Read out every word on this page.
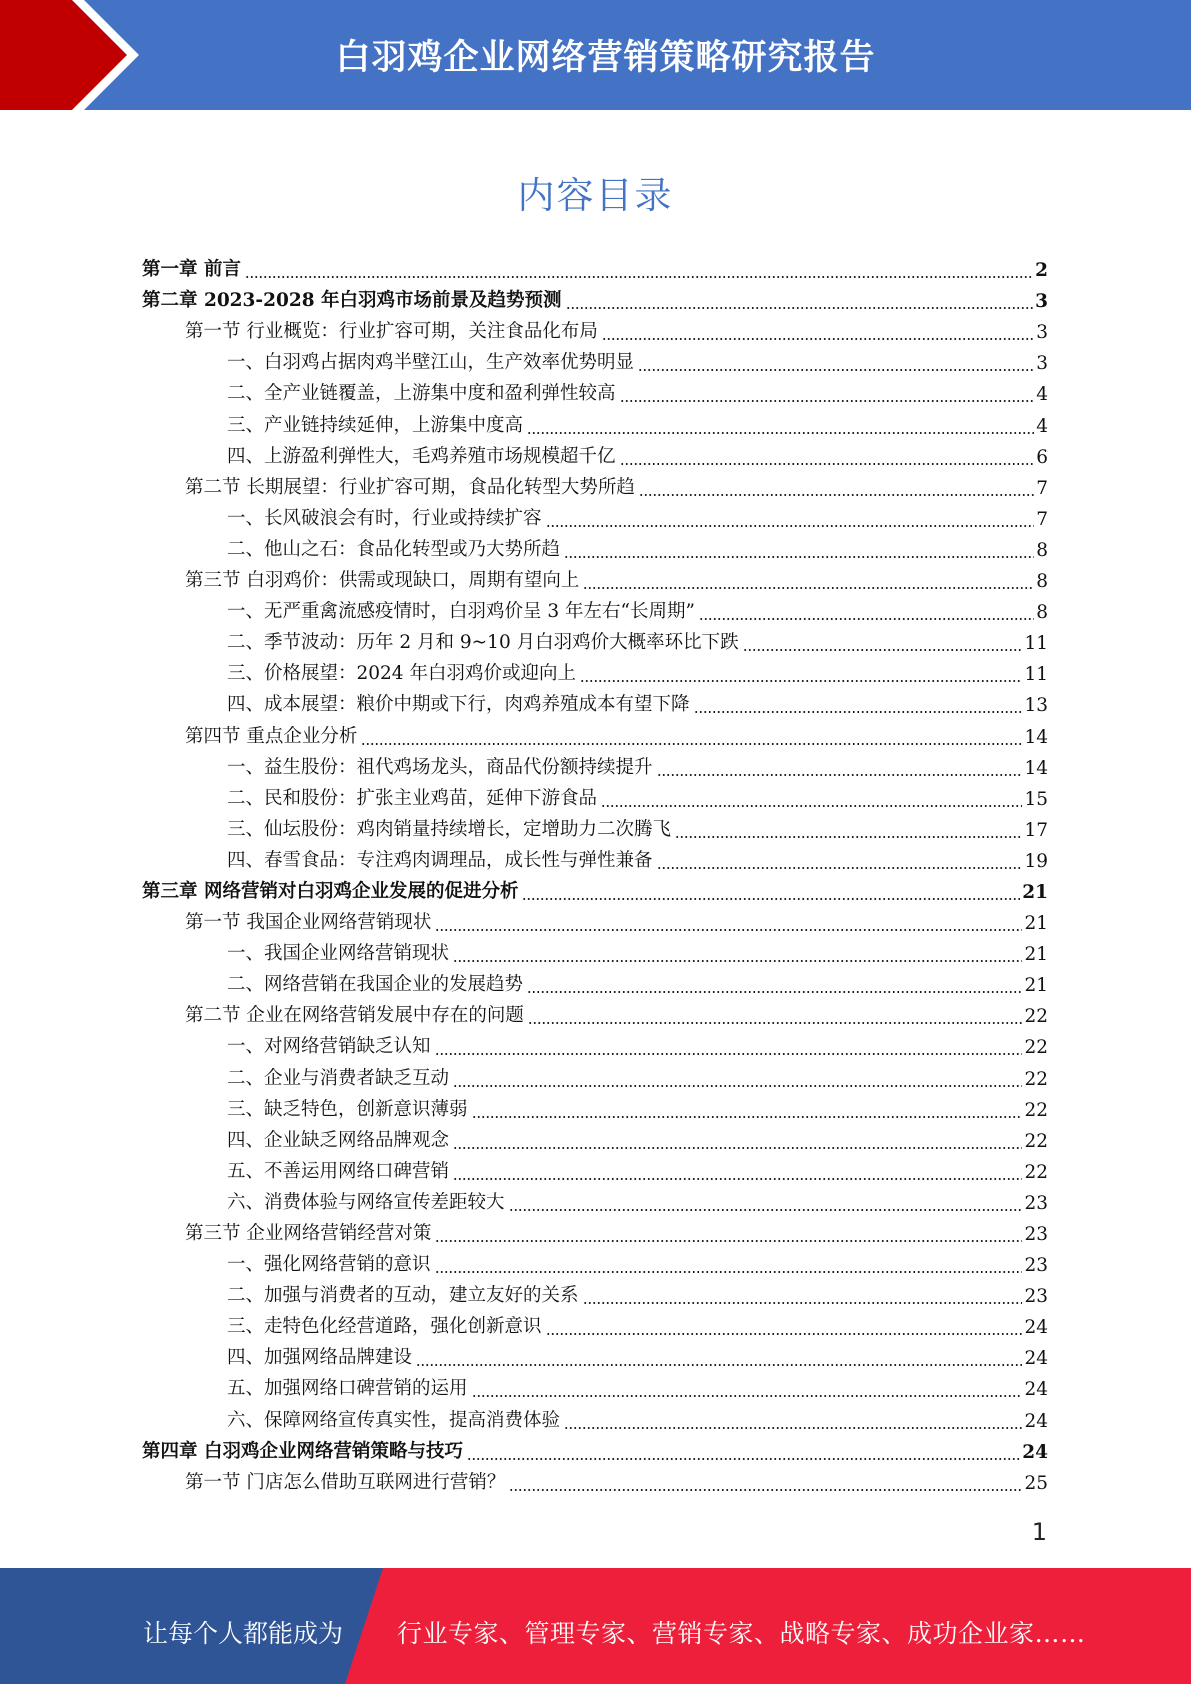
白羽鸡企业网络营销策略研究报告
内容目录
第一章 前言	2
第二章 2023-2028 年白羽鸡市场前景及趋势预测	3
第一节 行业概览：行业扩容可期，关注食品化布局	3
一、白羽鸡占据肉鸡半壁江山，生产效率优势明显	3
二、全产业链覆盖，上游集中度和盈利弹性较高	4
三、产业链持续延伸，上游集中度高	4
四、上游盈利弹性大，毛鸡养殖市场规模超千亿	6
第二节 长期展望：行业扩容可期，食品化转型大势所趋	7
一、长风破浪会有时，行业或持续扩容	7
二、他山之石：食品化转型或乃大势所趋	8
第三节 白羽鸡价：供需或现缺口，周期有望向上	8
一、无严重禽流感疫情时，白羽鸡价呈 3 年左右“长周期”	8
二、季节波动：历年 2 月和 9~10 月白羽鸡价大概率环比下跌	11
三、价格展望：2024 年白羽鸡价或迎向上	11
四、成本展望：粮价中期或下行，肉鸡养殖成本有望下降	13
第四节 重点企业分析	14
一、益生股份：祖代鸡场龙头，商品代份额持续提升	14
二、民和股份：扩张主业鸡苗，延伸下游食品	15
三、仙坛股份：鸡肉销量持续增长，定增助力二次腾飞	17
四、春雪食品：专注鸡肉调理品，成长性与弹性兼备	19
第三章 网络营销对白羽鸡企业发展的促进分析	21
第一节 我国企业网络营销现状	21
一、我国企业网络营销现状	21
二、网络营销在我国企业的发展趋势	21
第二节 企业在网络营销发展中存在的问题	22
一、对网络营销缺乏认知	22
二、企业与消费者缺乏互动	22
三、缺乏特色，创新意识薄弱	22
四、企业缺乏网络品牌观念	22
五、不善运用网络口碑营销	22
六、消费体验与网络宣传差距较大	23
第三节 企业网络营销经营对策	23
一、强化网络营销的意识	23
二、加强与消费者的互动，建立友好的关系	23
三、走特色化经营道路，强化创新意识	24
四、加强网络品牌建设	24
五、加强网络口碑营销的运用	24
六、保障网络宣传真实性，提高消费体验	24
第四章 白羽鸡企业网络营销策略与技巧	24
第一节 门店怎么借助互联网进行营销？	25
1
让每个人都能成为 行业专家、管理专家、营销专家、战略专家、成功企业家……
